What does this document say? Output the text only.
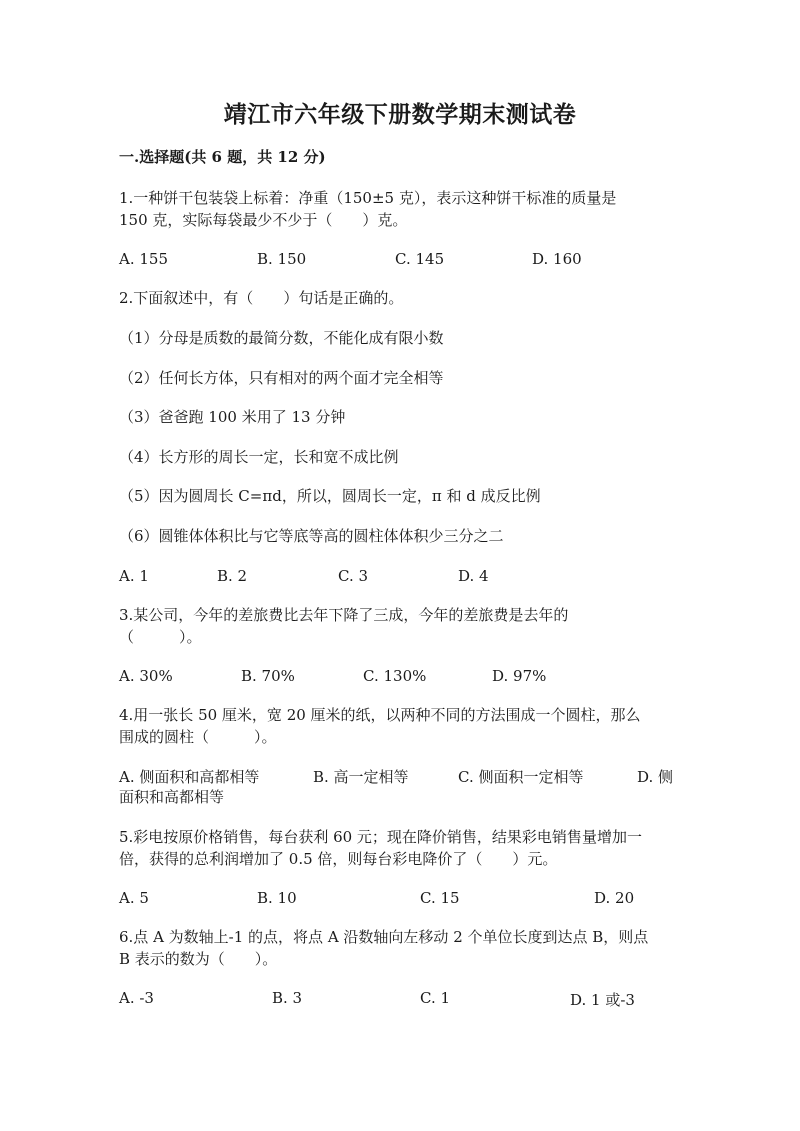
靖江市六年级下册数学期末测试卷
一.选择题(共 6 题，共 12 分)
1.一种饼干包装袋上标着：净重（150±5 克），表示这种饼干标准的质量是
150 克，实际每袋最少不少于（　　）克。
A. 155	B. 150	C. 145	D. 160
2.下面叙述中，有（　　）句话是正确的。
（1）分母是质数的最简分数，不能化成有限小数
（2）任何长方体，只有相对的两个面才完全相等
（3）爸爸跑 100 米用了 13 分钟
（4）长方形的周长一定，长和宽不成比例
（5）因为圆周长 C=πd，所以，圆周长一定，π 和 d 成反比例
（6）圆锥体体积比与它等底等高的圆柱体体积少三分之二
A. 1	B. 2	C. 3	D. 4
3.某公司，今年的差旅费比去年下降了三成，今年的差旅费是去年的
（　　　）。
A. 30%	B. 70%	C. 130%	D. 97%
4.用一张长 50 厘米，宽 20 厘米的纸，以两种不同的方法围成一个圆柱，那么
围成的圆柱（　　　）。
A. 侧面积和高都相等	B. 高一定相等	C. 侧面积一定相等	D. 侧
面积和高都相等
5.彩电按原价格销售，每台获利 60 元；现在降价销售，结果彩电销售量增加一
倍，获得的总利润增加了 0.5 倍，则每台彩电降价了（　　）元。
A. 5	B. 10	C. 15	D. 20
6.点 A 为数轴上-1 的点，将点 A 沿数轴向左移动 2 个单位长度到达点 B，则点
B 表示的数为（　　）。
A. -3	B. 3	C. 1	D. 1 或-3
